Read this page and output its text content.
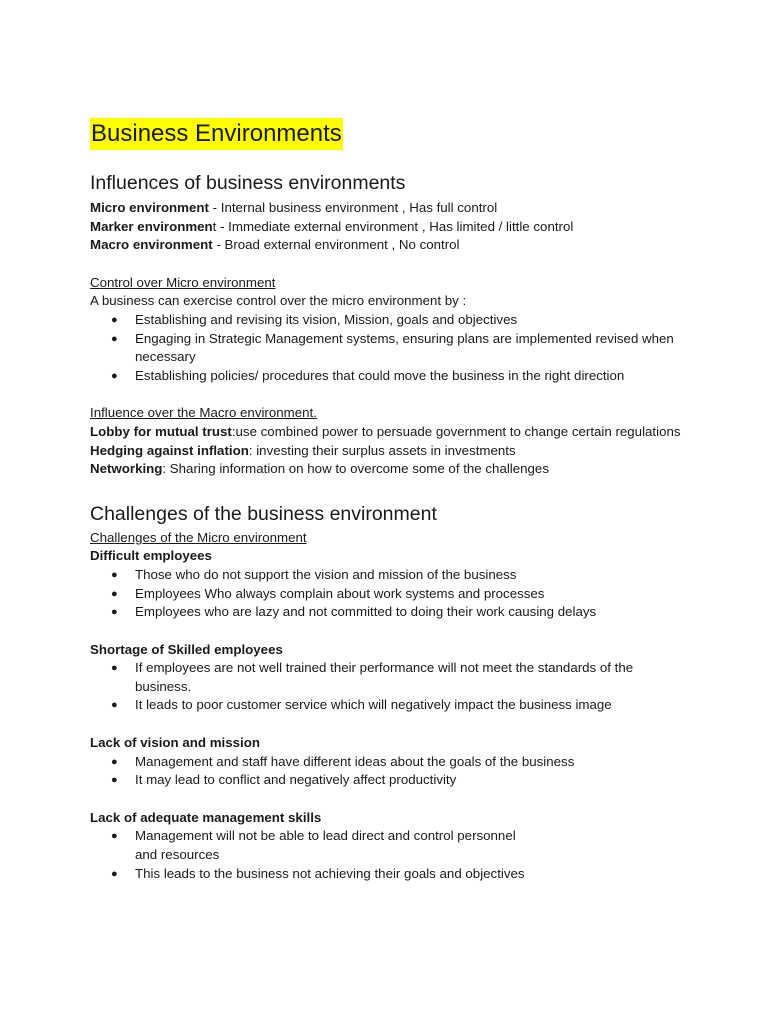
Business Environments
Influences of business environments

Micro environment - Internal business environment , Has full control

Marker environment - Immediate external environment , Has limited / little control

Macro environment - Broad external environment , No control

Control over Micro environment

A business can exercise control over the micro environment by :

● Establishing and revising its vision, Mission, goals and objectives
● Engaging in Strategic Management systems, ensuring plans are implemented revised when necessary
● Establishing policies/ procedures that could move the business in the right direction

Influence over the Macro environment.

Lobby for mutual trust:use combined power to persuade government to change certain regulations

Hedging against inflation: investing their surplus assets in investments

Networking: Sharing information on how to overcome some of the challenges

Challenges of the business environment

Challenges of the Micro environment

Difficult employees

● Those who do not support the vision and mission of the business
● Employees Who always complain about work systems and processes
● Employees who are lazy and not committed to doing their work causing delays

Shortage of Skilled employees

● If employees are not well trained their performance will not meet the standards of the business.
● It leads to poor customer service which will negatively impact the business image

Lack of vision and mission

● Management and staff have different ideas about the goals of the business
● It may lead to conflict and negatively affect productivity

Lack of adequate management skills

● Management will not be able to lead direct and control personnel and resources
● This leads to the business not achieving their goals and objectives
